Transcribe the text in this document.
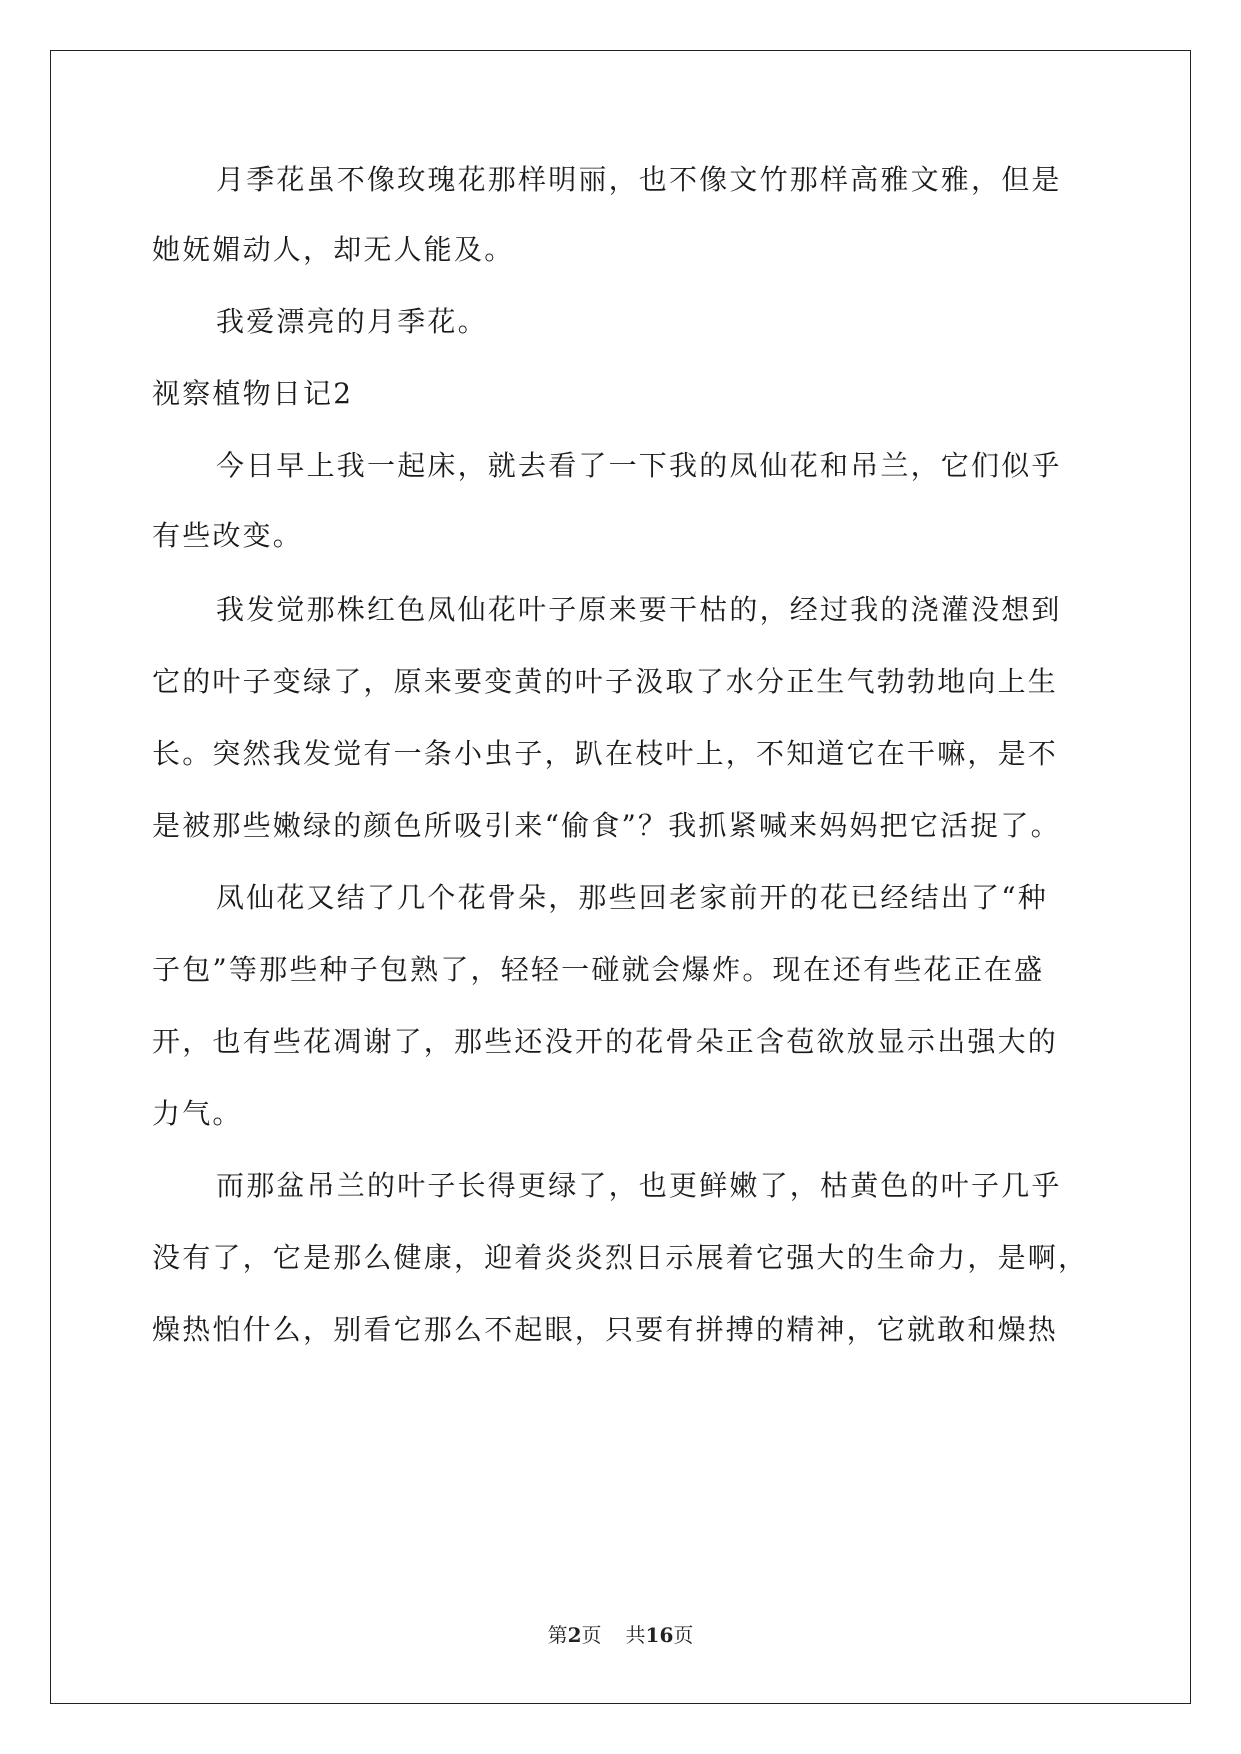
月季花虽不像玫瑰花那样明丽，也不像文竹那样高雅文雅，但是
她妩媚动人，却无人能及。
我爱漂亮的月季花。
视察植物日记2
今日早上我一起床，就去看了一下我的凤仙花和吊兰，它们似乎
有些改变。
我发觉那株红色凤仙花叶子原来要干枯的，经过我的浇灌没想到
它的叶子变绿了，原来要变黄的叶子汲取了水分正生气勃勃地向上生
长。突然我发觉有一条小虫子，趴在枝叶上，不知道它在干嘛，是不
是被那些嫩绿的颜色所吸引来“偷食”？我抓紧喊来妈妈把它活捉了。
凤仙花又结了几个花骨朵，那些回老家前开的花已经结出了“种
子包”等那些种子包熟了，轻轻一碰就会爆炸。现在还有些花正在盛
开，也有些花凋谢了，那些还没开的花骨朵正含苞欲放显示出强大的
力气。
而那盆吊兰的叶子长得更绿了，也更鲜嫩了，枯黄色的叶子几乎
没有了，它是那么健康，迎着炎炎烈日示展着它强大的生命力，是啊，
燥热怕什么，别看它那么不起眼，只要有拼搏的精神，它就敢和燥热
第2页 共16页
